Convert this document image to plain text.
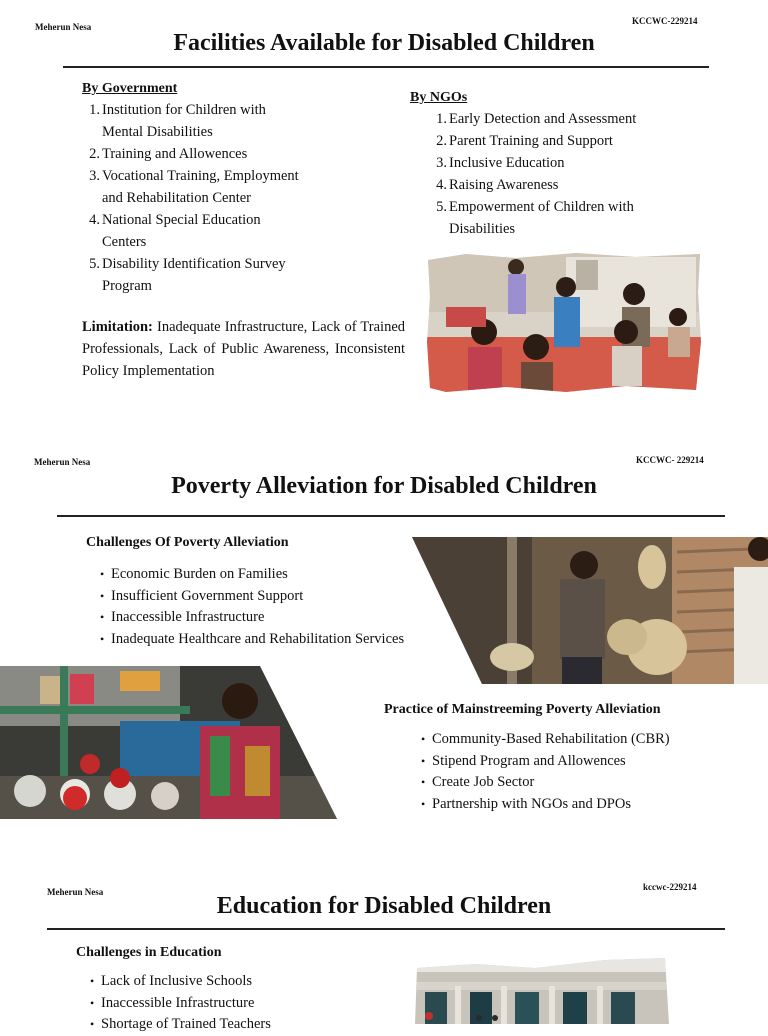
Meherun Nesa
KCCWC-229214
Facilities Available for Disabled Children
By Government
1. Institution for Children with
Mental Disabilities
2. Training and Allowences
3. Vocational Training, Employment
and Rehabilitation Center
4. National Special Education
Centers
5. Disability Identification Survey
Program
By NGOs
1. Early Detection and Assessment
2. Parent Training and Support
3. Inclusive Education
4. Raising Awareness
5. Empowerment of Children with
Disabilities
Limitation: Inadequate Infrastructure, Lack of Trained Professionals, Lack of Public Awareness, Inconsistent Policy Implementation
Meherun Nesa	KCCWC- 229214
Poverty Alleviation for Disabled Children
Challenges Of Poverty Alleviation
• Economic Burden on Families
• Insufficient Government Support
• Inaccessible Infrastructure
• Inadequate Healthcare and Rehabilitation Services
Practice of Mainstreeming Poverty Alleviation
• Community-Based Rehabilitation (CBR)
• Stipend Program and Allowences
• Create Job Sector
• Partnership with NGOs and DPOs
Meherun Nesa	kccwc-229214
Education for Disabled Children
Challenges in Education
• Lack of Inclusive Schools
• Inaccessible Infrastructure
• Shortage of Trained Teachers
